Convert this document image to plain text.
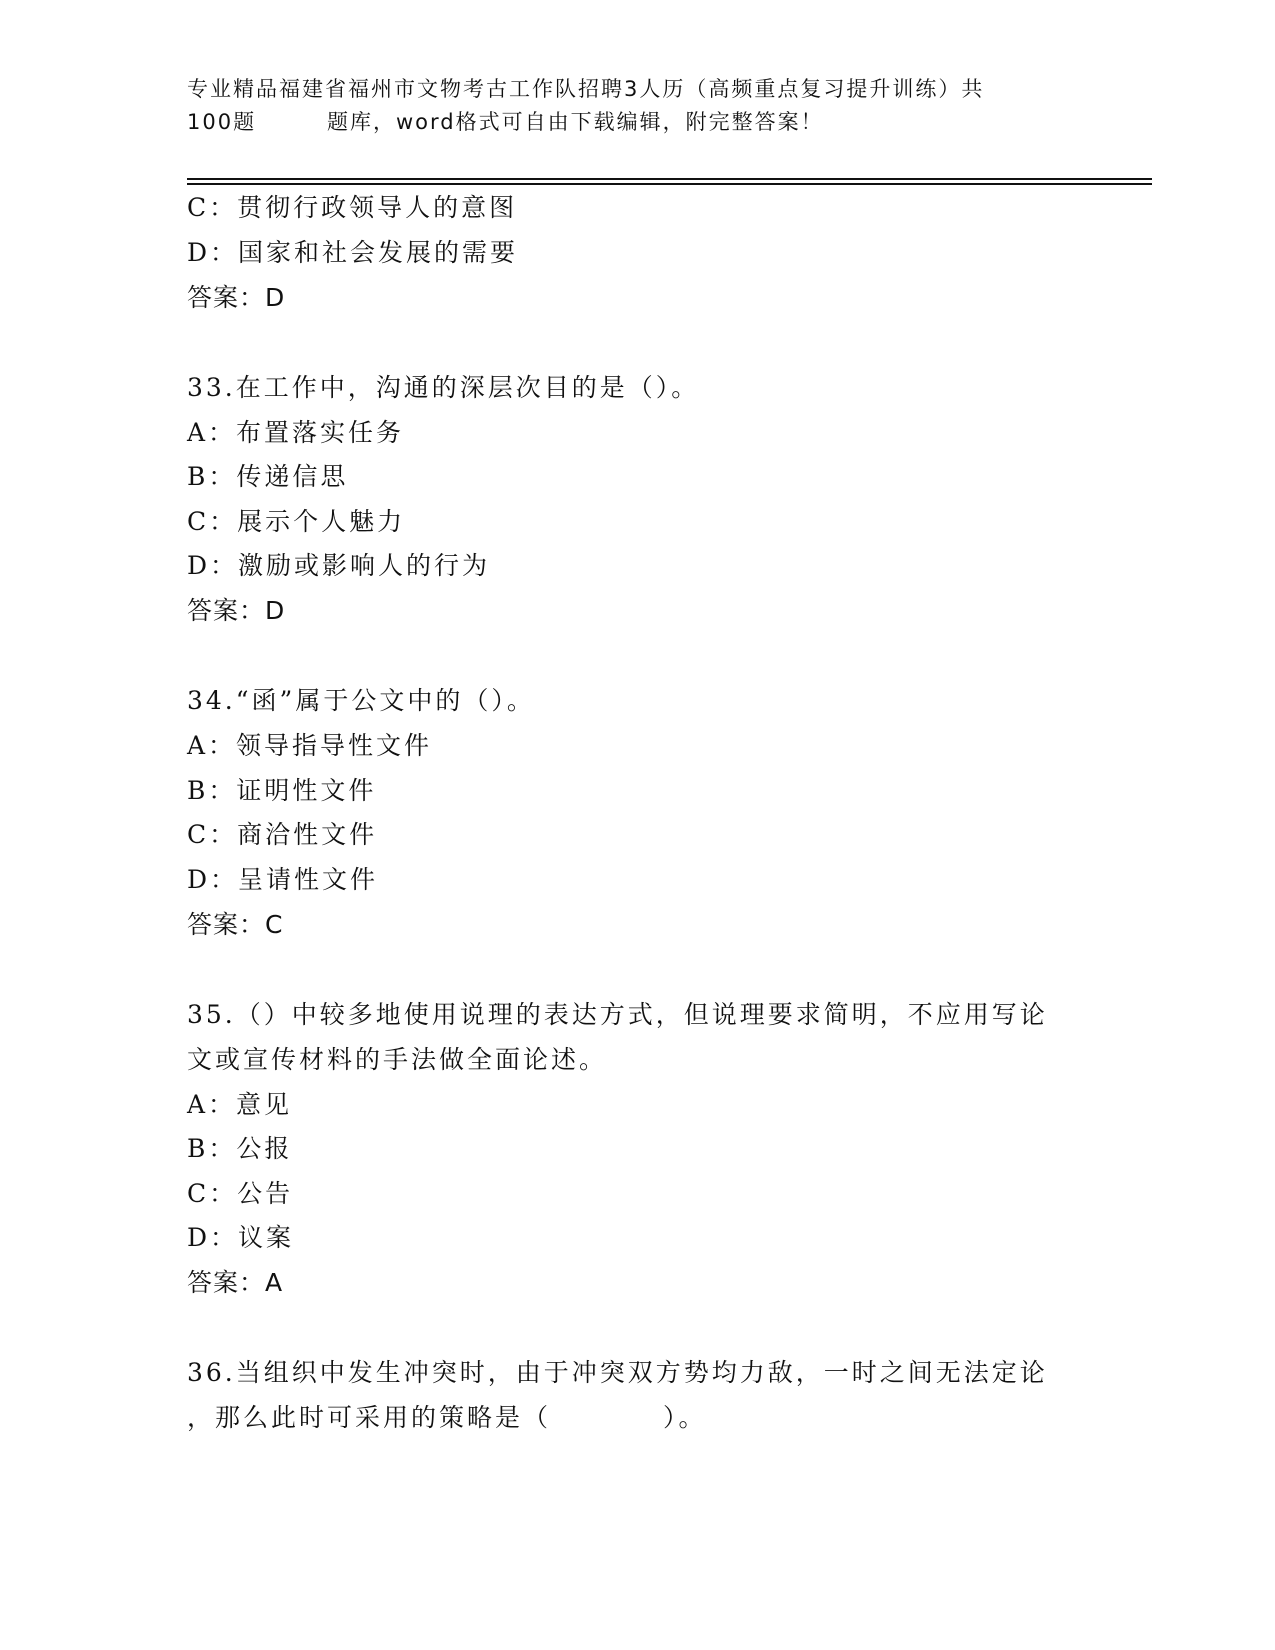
专业精品福建省福州市文物考古工作队招聘3人历（高频重点复习提升训练）共
100题	题库，word格式可自由下载编辑，附完整答案！
C：贯彻行政领导人的意图
D：国家和社会发展的需要
答案：D
33.在工作中，沟通的深层次目的是（）。
A：布置落实任务
B：传递信思
C：展示个人魅力
D：激励或影响人的行为
答案：D
34.“函”属于公文中的（）。
A：领导指导性文件
B：证明性文件
C：商洽性文件
D：呈请性文件
答案：C
35.（）中较多地使用说理的表达方式，但说理要求简明，不应用写论
文或宣传材料的手法做全面论述。
A：意见
B：公报
C：公告
D：议案
答案：A
36.当组织中发生冲突时，由于冲突双方势均力敌，一时之间无法定论
，那么此时可采用的策略是（　　　　）。
